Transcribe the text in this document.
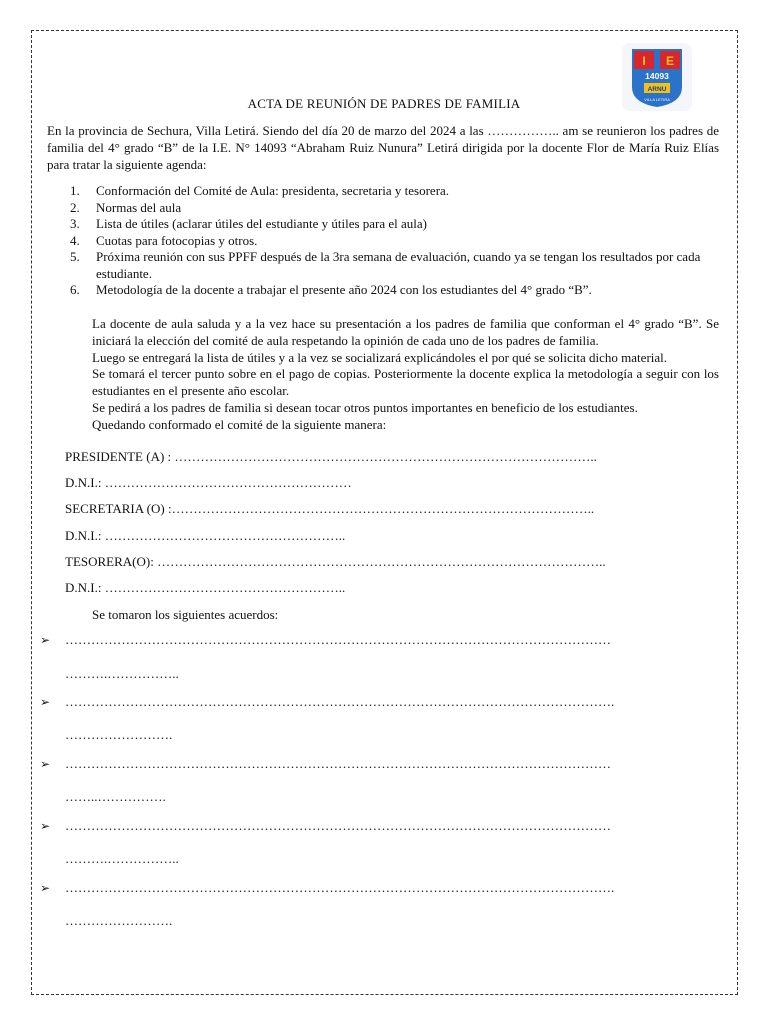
I E
14093
ARNU
VILLA LETIRA
ACTA DE REUNIÓN DE PADRES DE FAMILIA
En la provincia de Sechura, Villa Letirá. Siendo del día 20 de marzo del 2024 a las …………….. am se reunieron los padres de familia del 4° grado “B” de la I.E. N° 14093 “Abraham Ruiz Nunura” Letirá dirigida por la docente Flor de María Ruiz Elías para tratar la siguiente agenda:
1.	Conformación del Comité de Aula: presidenta, secretaria y tesorera.
2.	Normas del aula
3.	Lista de útiles (aclarar útiles del estudiante y útiles para el aula)
4.	Cuotas para fotocopias y otros.
5.	Próxima reunión con sus PPFF después de la 3ra semana de evaluación, cuando ya se tengan los resultados por cada estudiante.
6.	Metodología de la docente a trabajar el presente año 2024 con los estudiantes del 4° grado “B”.

La docente de aula saluda y a la vez hace su presentación a los padres de familia que conforman el 4° grado “B”. Se iniciará la elección del comité de aula respetando la opinión de cada uno de los padres de familia.

Luego se entregará la lista de útiles y a la vez se socializará explicándoles el por qué se solicita dicho material.

Se tomará el tercer punto sobre en el pago de copias. Posteriormente la docente explica la metodología a seguir con los estudiantes en el presente año escolar.

Se pedirá a los padres de familia si desean tocar otros puntos importantes en beneficio de los estudiantes.

Quedando conformado el comité de la siguiente manera:

PRESIDENTE (A) : ……………………………………………………………………………………..
D.N.I.: …………………………………………………
SECRETARIA (O) :……………………………………………………………………………………..
D.N.I.: ………………………………………………..
TESORERA(O): …………………………………………………………………………………………..
D.N.I.: ………………………………………………..
Se tomaron los siguientes acuerdos:
➢ ………………………………………………………………………………………………………………
……….……………..
➢ ……………………………………………………………………………………………………………….
…………………….
➢ ………………………………………………………………………………………………………………
……..…………….
➢ ………………………………………………………………………………………………………………
……….……………..
➢ ……………………………………………………………………………………………………………….
…………………….
